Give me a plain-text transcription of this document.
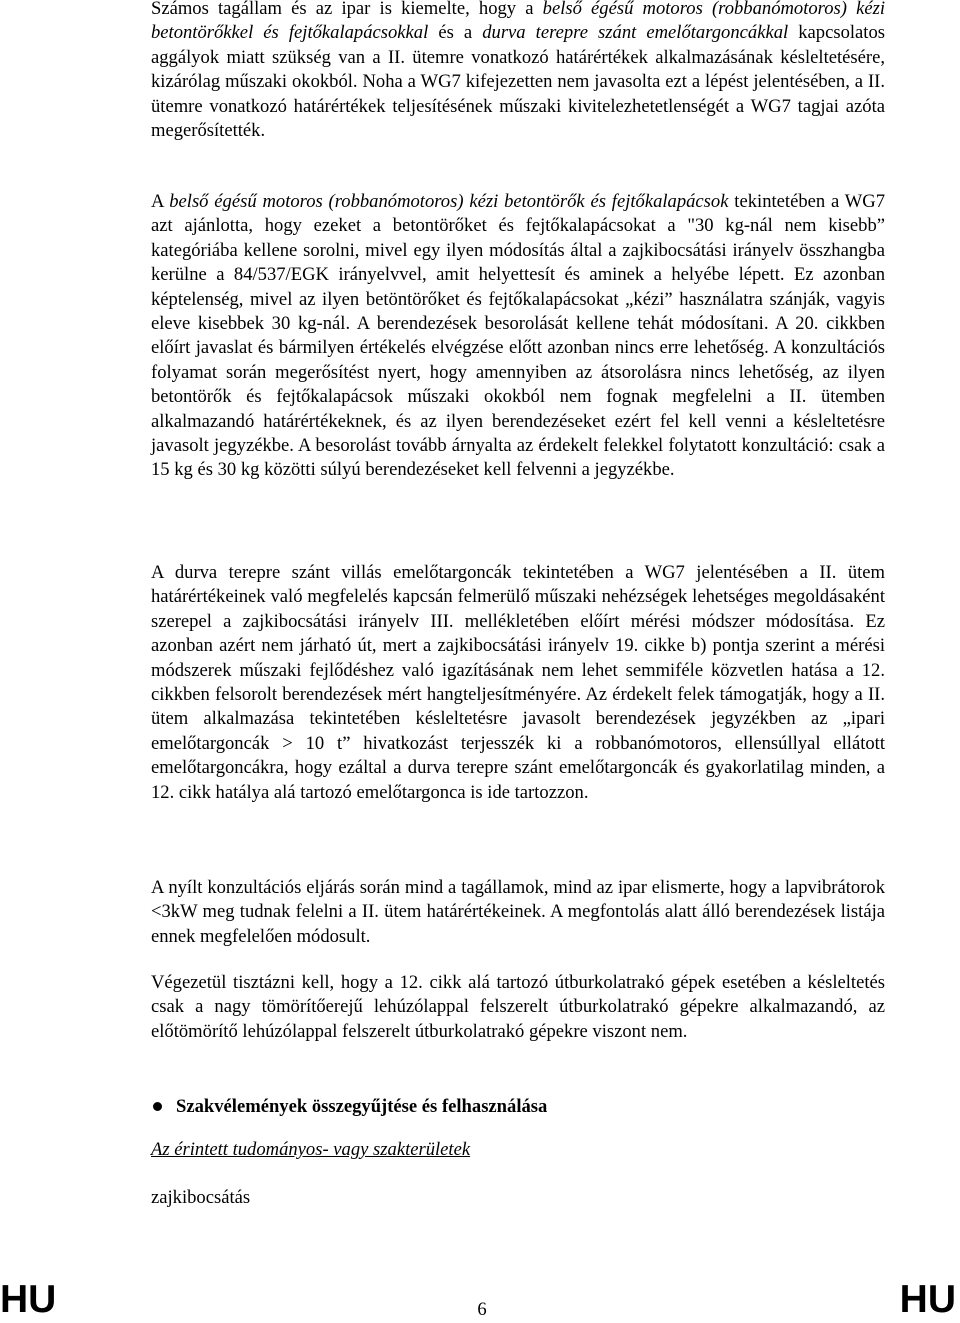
Számos tagállam és az ipar is kiemelte, hogy a belső égésű motoros (robbanómotoros) kézi betontörőkkel és fejtőkalapácsokkal és a durva terepre szánt emelőtargoncákkal kapcsolatos aggályok miatt szükség van a II. ütemre vonatkozó határértékek alkalmazásának késleltetésére, kizárólag műszaki okokból. Noha a WG7 kifejezetten nem javasolta ezt a lépést jelentésében, a II. ütemre vonatkozó határértékek teljesítésének műszaki kivitelezhetetlenségét a WG7 tagjai azóta megerősítették.

A belső égésű motoros (robbanómotoros) kézi betontörők és fejtőkalapácsok tekintetében a WG7 azt ajánlotta, hogy ezeket a betontörőket és fejtőkalapácsokat a "30 kg-nál nem kisebb” kategóriába kellene sorolni, mivel egy ilyen módosítás által a zajkibocsátási irányelv összhangba kerülne a 84/537/EGK irányelvvel, amit helyettesít és aminek a helyébe lépett. Ez azonban képtelenség, mivel az ilyen betöntörőket és fejtőkalapácsokat „kézi” használatra szánják, vagyis eleve kisebbek 30 kg-nál. A berendezések besorolását kellene tehát módosítani. A 20. cikkben előírt javaslat és bármilyen értékelés elvégzése előtt azonban nincs erre lehetőség. A konzultációs folyamat során megerősítést nyert, hogy amennyiben az átsorolásra nincs lehetőség, az ilyen betontörők és fejtőkalapácsok műszaki okokból nem fognak megfelelni a II. ütemben alkalmazandó határértékeknek, és az ilyen berendezéseket ezért fel kell venni a késleltetésre javasolt jegyzékbe. A besorolást tovább árnyalta az érdekelt felekkel folytatott konzultáció: csak a 15 kg és 30 kg közötti súlyú berendezéseket kell felvenni a jegyzékbe.

A durva terepre szánt villás emelőtargoncák tekintetében a WG7 jelentésében a II. ütem határértékeinek való megfelelés kapcsán felmerülő műszaki nehézségek lehetséges megoldásaként szerepel a zajkibocsátási irányelv III. mellékletében előírt mérési módszer módosítása. Ez azonban azért nem járható út, mert a zajkibocsátási irányelv 19. cikke b) pontja szerint a mérési módszerek műszaki fejlődéshez való igazításának nem lehet semmiféle közvetlen hatása a 12. cikkben felsorolt berendezések mért hangteljesítményére. Az érdekelt felek támogatják, hogy a II. ütem alkalmazása tekintetében késleltetésre javasolt berendezések jegyzékben az „ipari emelőtargoncák > 10 t” hivatkozást terjesszék ki a robbanómotoros, ellensúllyal ellátott emelőtargoncákra, hogy ezáltal a durva terepre szánt emelőtargoncák és gyakorlatilag minden, a 12. cikk hatálya alá tartozó emelőtargonca is ide tartozzon.

A nyílt konzultációs eljárás során mind a tagállamok, mind az ipar elismerte, hogy a lapvibrátorok <3kW meg tudnak felelni a II. ütem határértékeinek. A megfontolás alatt álló berendezések listája ennek megfelelően módosult.

Végezetül tisztázni kell, hogy a 12. cikk alá tartozó útburkolatrakó gépek esetében a késleltetés csak a nagy tömörítőerejű lehúzólappal felszerelt útburkolatrakó gépekre alkalmazandó, az előtömörítő lehúzólappal felszerelt útburkolatrakó gépekre viszont nem.

Szakvélemények összegyűjtése és felhasználása
Az érintett tudományos- vagy szakterületek
zajkibocsátás
HU	6	HU
